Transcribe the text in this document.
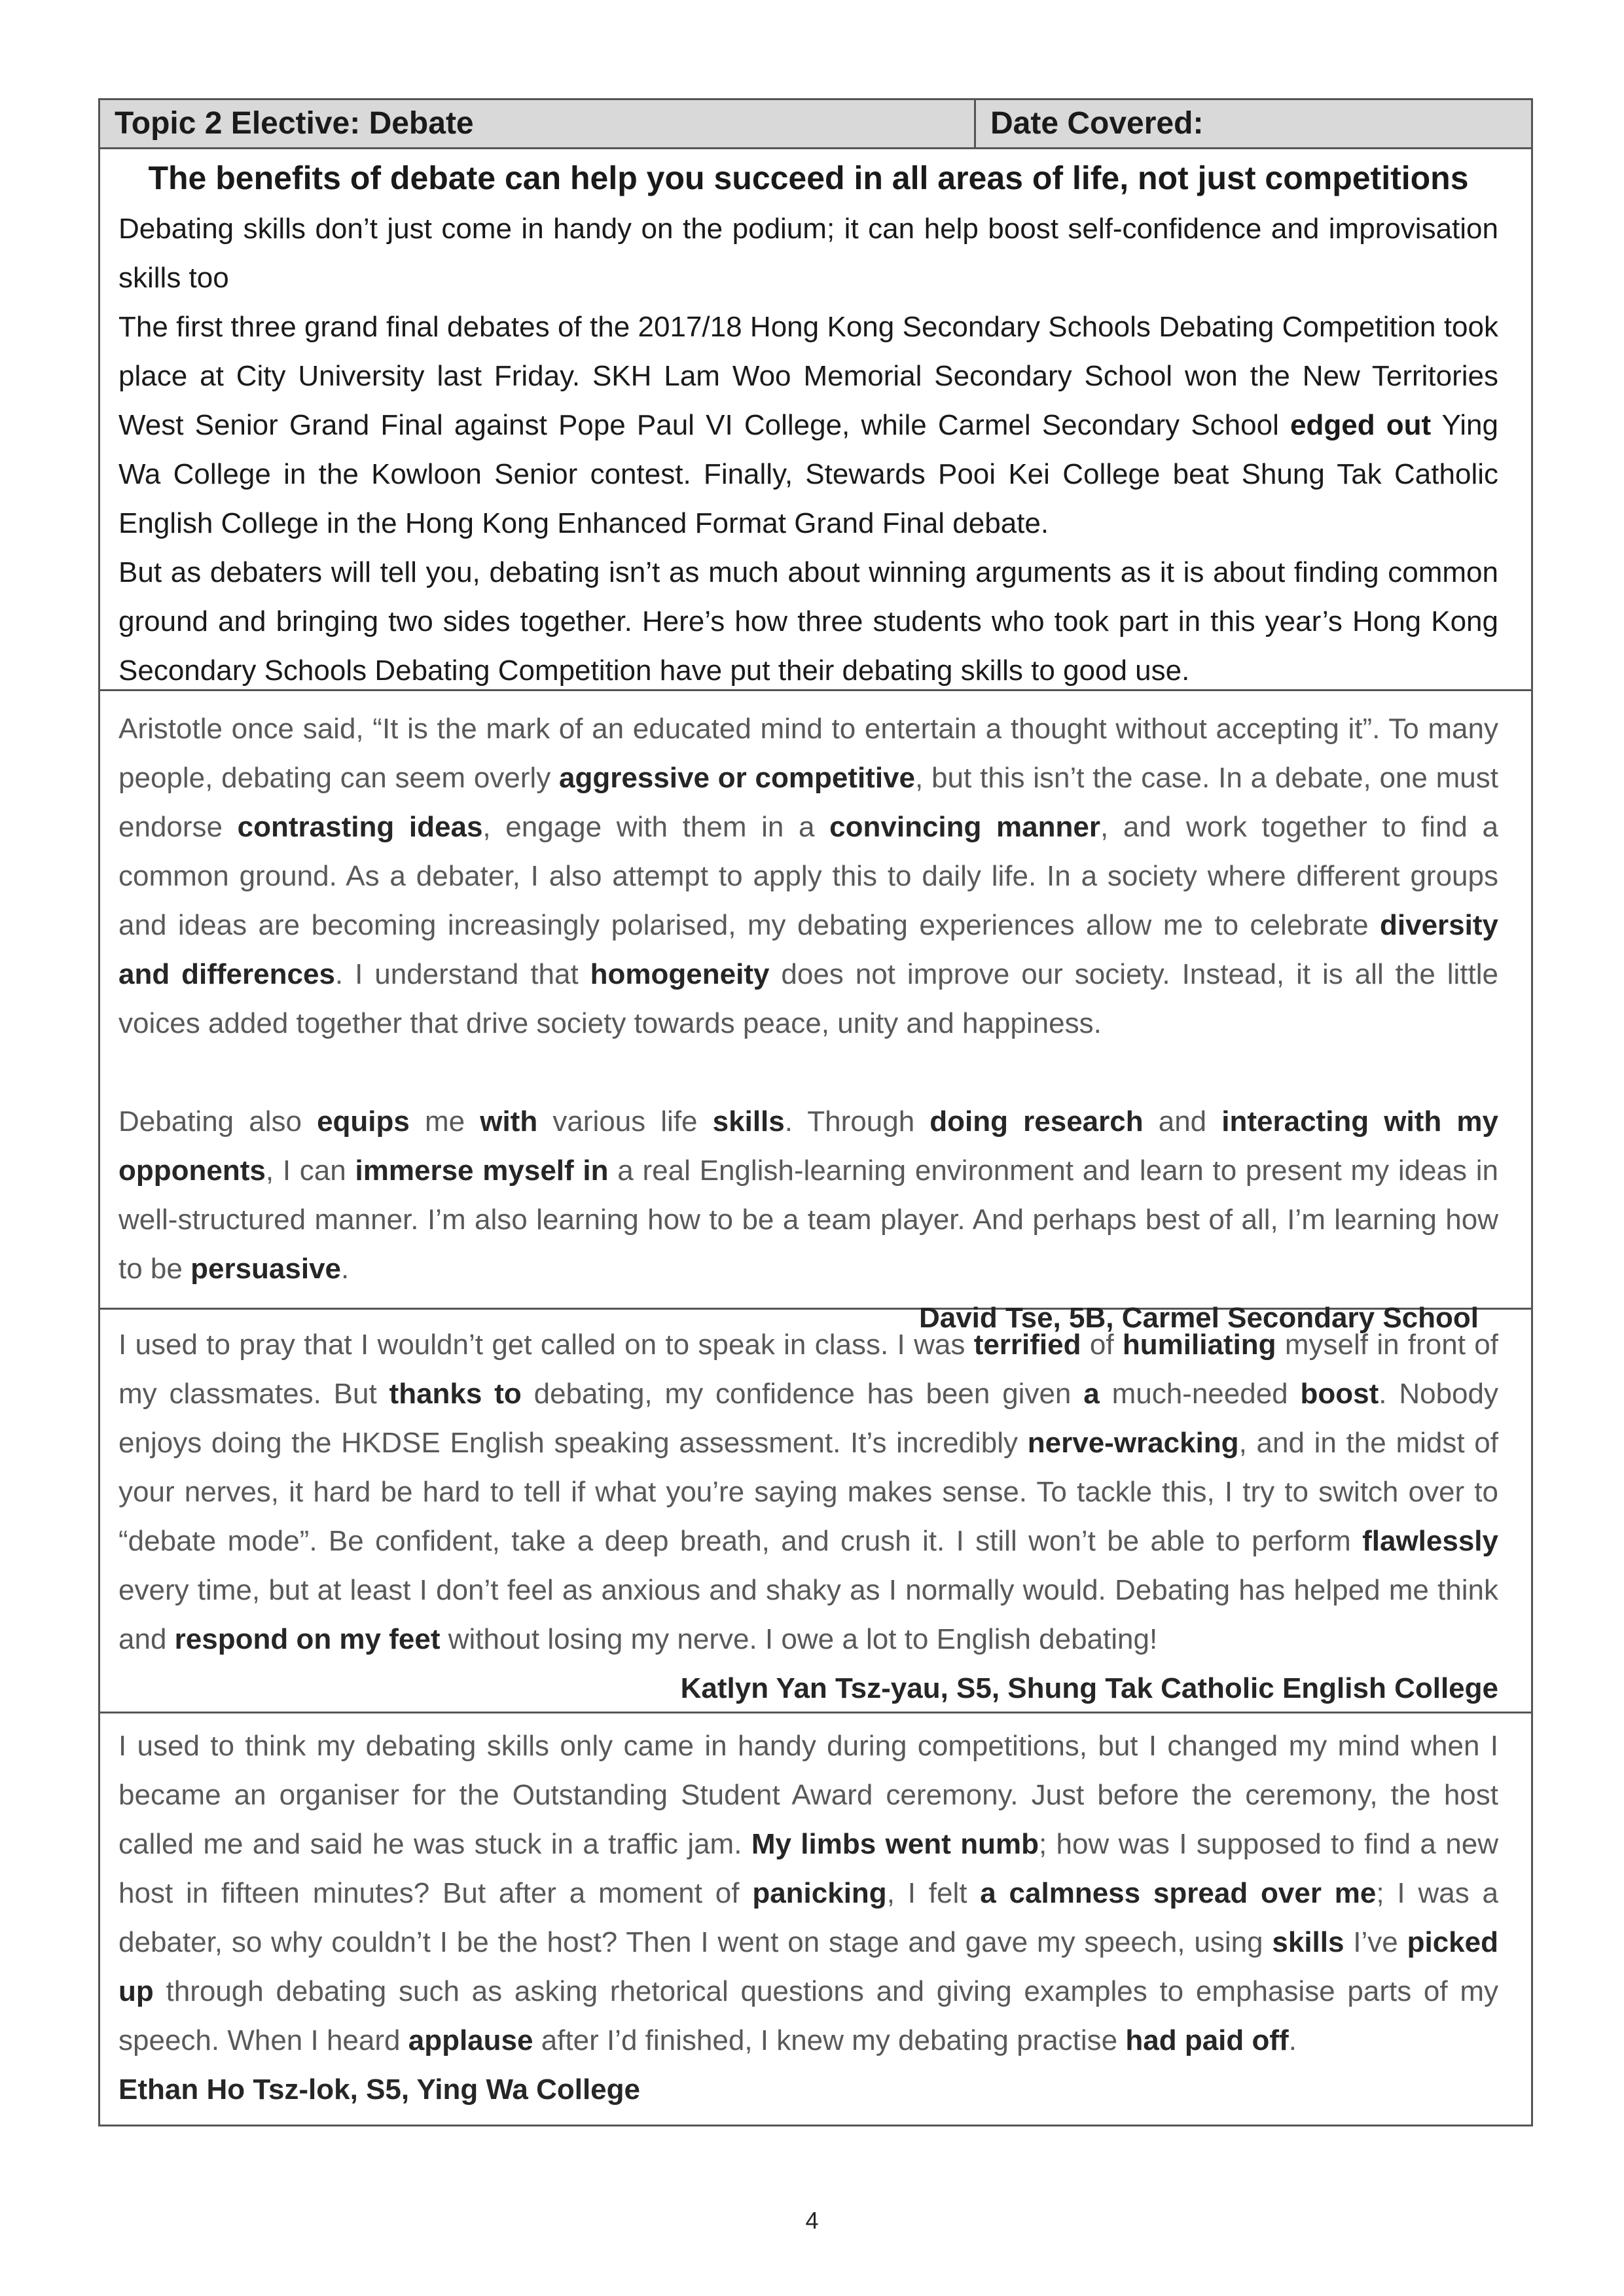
Topic 2 Elective: Debate	Date Covered:
The benefits of debate can help you succeed in all areas of life, not just competitions

Debating skills don’t just come in handy on the podium; it can help boost self-confidence and improvisation skills too

The first three grand final debates of the 2017/18 Hong Kong Secondary Schools Debating Competition took place at City University last Friday. SKH Lam Woo Memorial Secondary School won the New Territories West Senior Grand Final against Pope Paul VI College, while Carmel Secondary School edged out Ying Wa College in the Kowloon Senior contest. Finally, Stewards Pooi Kei College beat Shung Tak Catholic English College in the Hong Kong Enhanced Format Grand Final debate.

But as debaters will tell you, debating isn’t as much about winning arguments as it is about finding common ground and bringing two sides together. Here’s how three students who took part in this year’s Hong Kong Secondary Schools Debating Competition have put their debating skills to good use.

Aristotle once said, “It is the mark of an educated mind to entertain a thought without accepting it”. To many people, debating can seem overly aggressive or competitive, but this isn’t the case. In a debate, one must endorse contrasting ideas, engage with them in a convincing manner, and work together to find a common ground. As a debater, I also attempt to apply this to daily life. In a society where different groups and ideas are becoming increasingly polarised, my debating experiences allow me to celebrate diversity and differences. I understand that homogeneity does not improve our society. Instead, it is all the little voices added together that drive society towards peace, unity and happiness.

Debating also equips me with various life skills. Through doing research and interacting with my opponents, I can immerse myself in a real English-learning environment and learn to present my ideas in well-structured manner. I’m also learning how to be a team player. And perhaps best of all, I’m learning how to be persuasive.

David Tse, 5B, Carmel Secondary School

I used to pray that I wouldn’t get called on to speak in class. I was terrified of humiliating myself in front of my classmates. But thanks to debating, my confidence has been given a much-needed boost. Nobody enjoys doing the HKDSE English speaking assessment. It’s incredibly nerve-wracking, and in the midst of your nerves, it hard be hard to tell if what you’re saying makes sense. To tackle this, I try to switch over to “debate mode”. Be confident, take a deep breath, and crush it. I still won’t be able to perform flawlessly every time, but at least I don’t feel as anxious and shaky as I normally would. Debating has helped me think and respond on my feet without losing my nerve. I owe a lot to English debating!

Katlyn Yan Tsz-yau, S5, Shung Tak Catholic English College

I used to think my debating skills only came in handy during competitions, but I changed my mind when I became an organiser for the Outstanding Student Award ceremony. Just before the ceremony, the host called me and said he was stuck in a traffic jam. My limbs went numb; how was I supposed to find a new host in fifteen minutes? But after a moment of panicking, I felt a calmness spread over me; I was a debater, so why couldn’t I be the host? Then I went on stage and gave my speech, using skills I’ve picked up through debating such as asking rhetorical questions and giving examples to emphasise parts of my speech. When I heard applause after I’d finished, I knew my debating practise had paid off.

Ethan Ho Tsz-lok, S5, Ying Wa College

4
